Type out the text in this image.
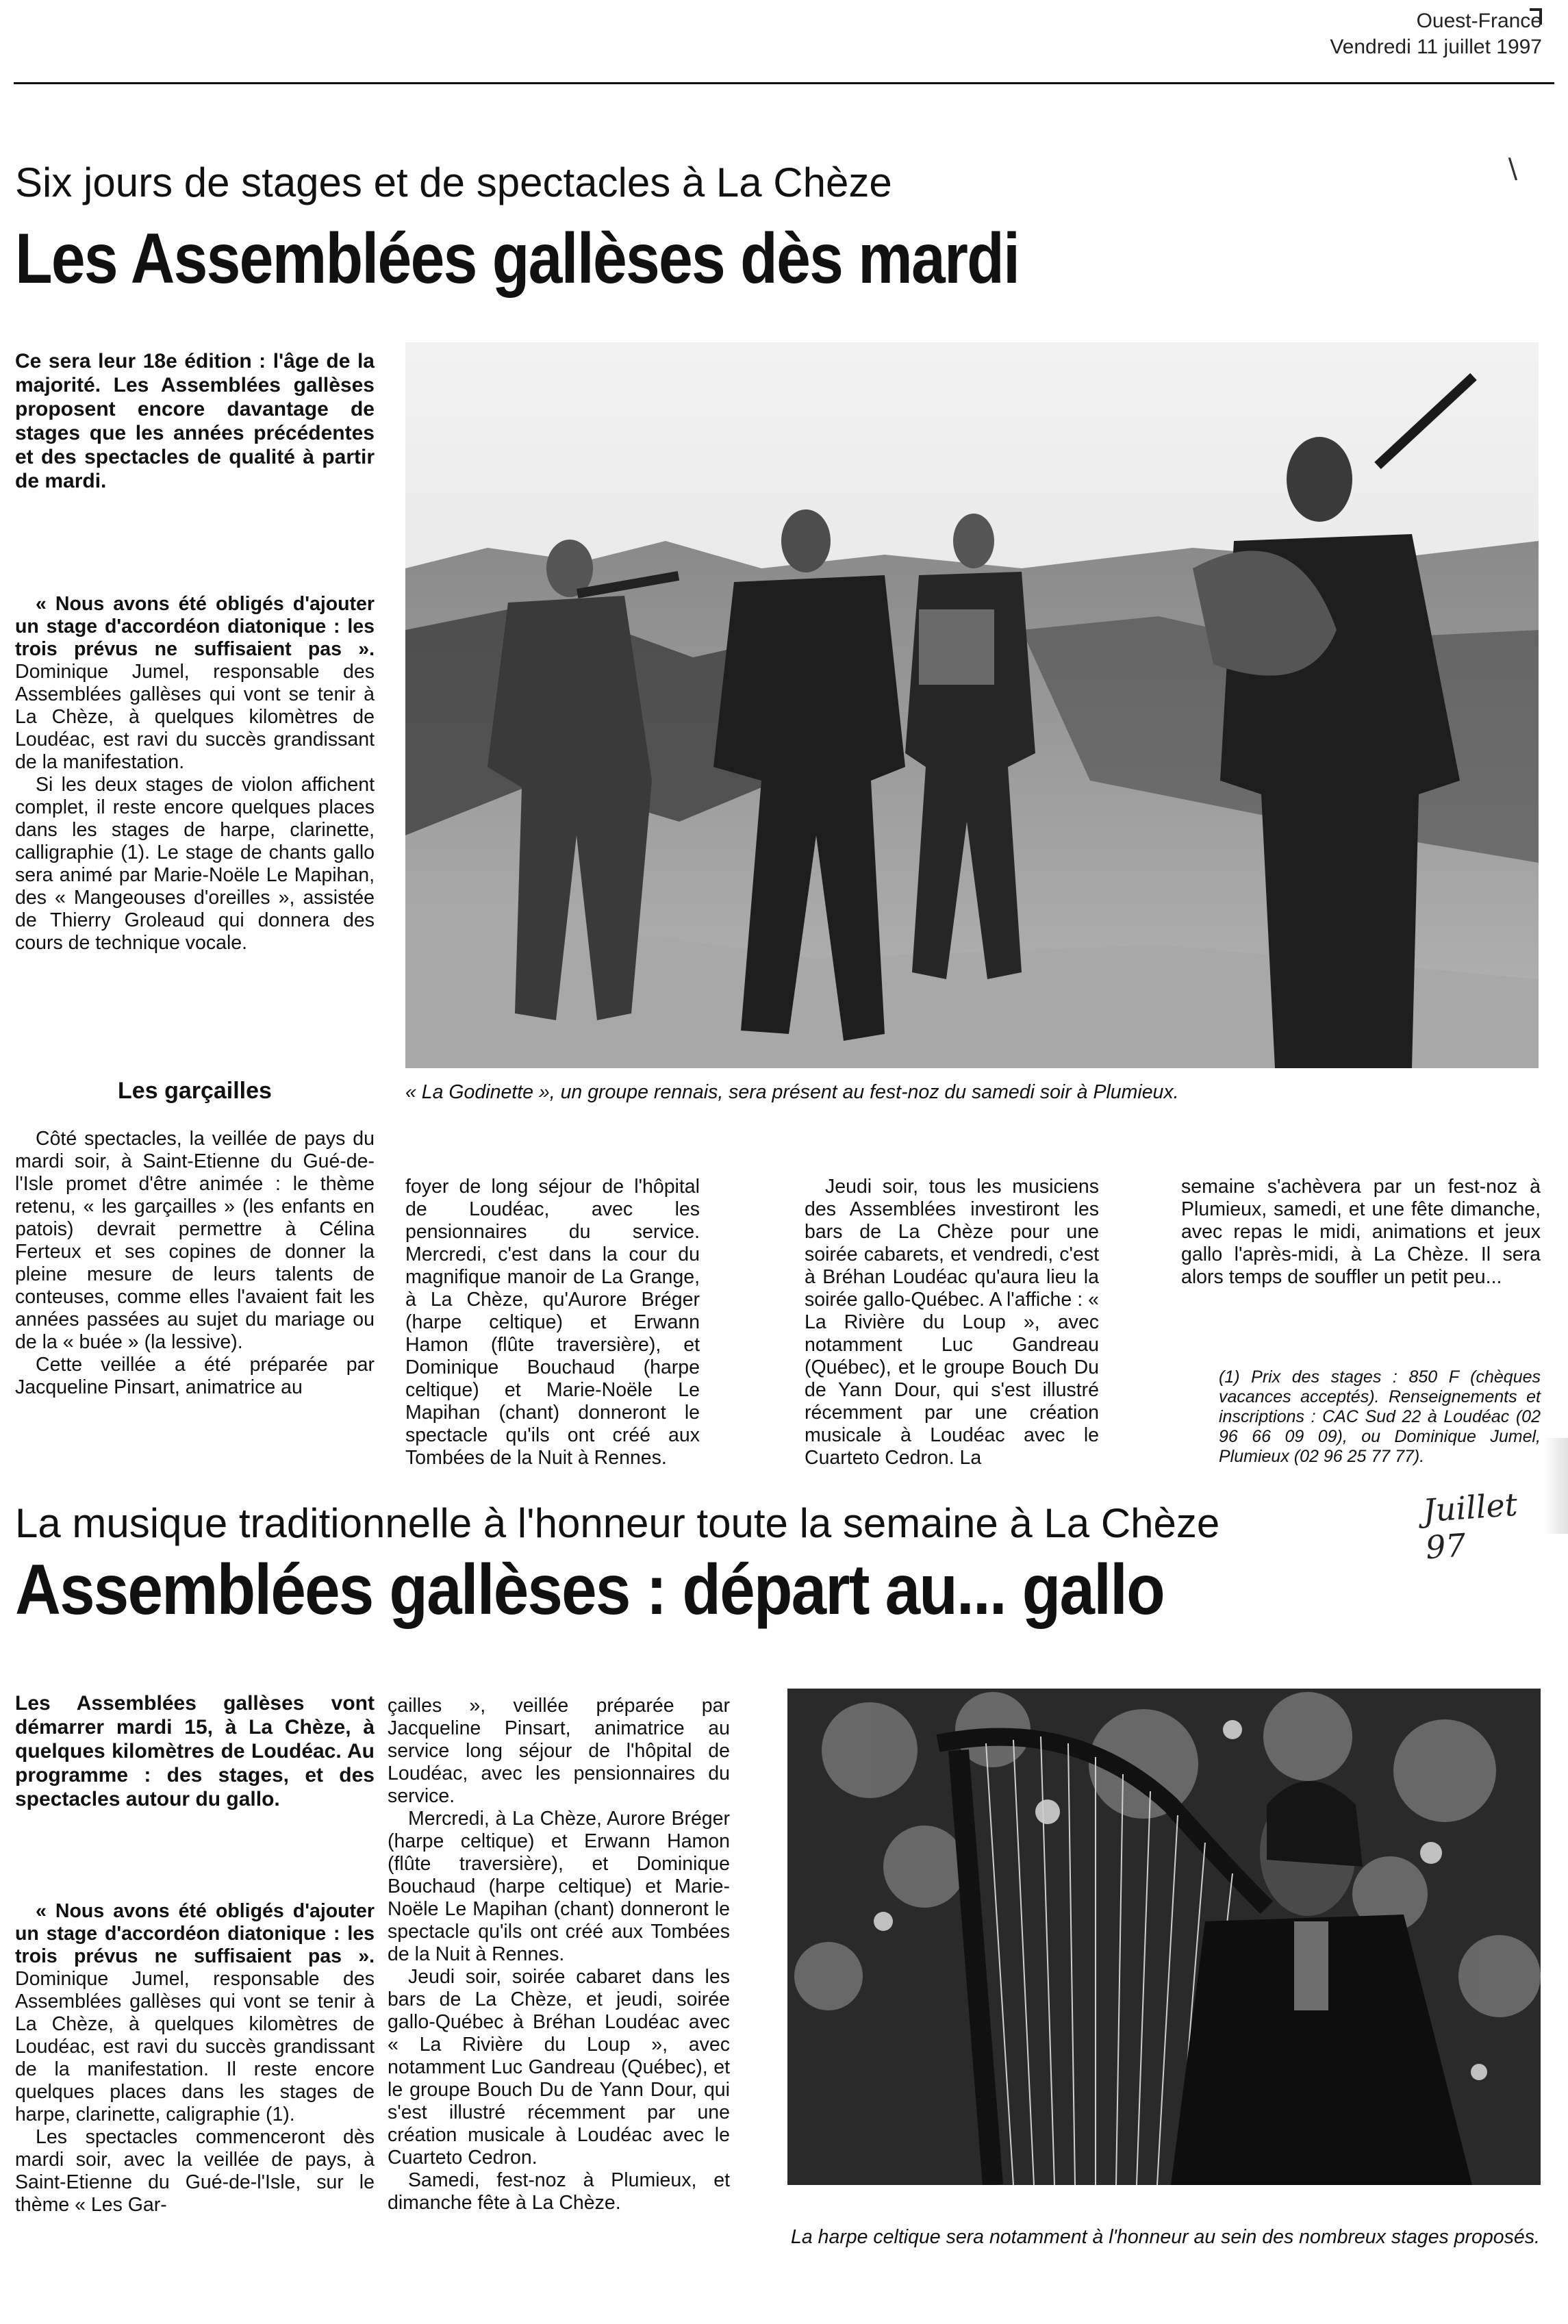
Ouest-France
Vendredi 11 juillet 1997
Six jours de stages et de spectacles à La Chèze	∖
Les Assemblées gallèses dès mardi
Ce sera leur 18e édition : l'âge de la majorité. Les Assemblées gallèses proposent encore davantage de stages que les années précédentes et des spectacles de qualité à partir de mardi.

« Nous avons été obligés d'ajouter un stage d'accordéon diatonique : les trois prévus ne suffisaient pas ». Dominique Jumel, responsable des Assemblées gallèses qui vont se tenir à La Chèze, à quelques kilomètres de Loudéac, est ravi du succès grandissant de la manifestation.

Si les deux stages de violon affichent complet, il reste encore quelques places dans les stages de harpe, clarinette, calligraphie (1). Le stage de chants gallo sera animé par Marie-Noële Le Mapihan, des « Mangeouses d'oreilles », assistée de Thierry Groleaud qui donnera des cours de technique vocale.

Les garçailles

Côté spectacles, la veillée de pays du mardi soir, à Saint-Etienne du Gué-de-l'Isle promet d'être animée : le thème retenu, « les garçailles » (les enfants en patois) devrait permettre à Célina Ferteux et ses copines de donner la pleine mesure de leurs talents de conteuses, comme elles l'avaient fait les années passées au sujet du mariage ou de la « buée » (la lessive).

Cette veillée a été préparée par Jacqueline Pinsart, animatrice au

« La Godinette », un groupe rennais, sera présent au fest-noz du samedi soir à Plumieux.

foyer de long séjour de l'hôpital de Loudéac, avec les pensionnaires du service. Mercredi, c'est dans la cour du magnifique manoir de La Grange, à La Chèze, qu'Aurore Bréger (harpe celtique) et Erwann Hamon (flûte traversière), et Dominique Bouchaud (harpe celtique) et Marie-Noële Le Mapihan (chant) donneront le spectacle qu'ils ont créé aux Tombées de la Nuit à Rennes.

Jeudi soir, tous les musiciens des Assemblées investiront les bars de La Chèze pour une soirée cabarets, et vendredi, c'est à Bréhan Loudéac qu'aura lieu la soirée gallo-Québec. A l'affiche : « La Rivière du Loup », avec notamment Luc Gandreau (Québec), et le groupe Bouch Du de Yann Dour, qui s'est illustré récemment par une création musicale à Loudéac avec le Cuarteto Cedron. La

semaine s'achèvera par un fest-noz à Plumieux, samedi, et une fête dimanche, avec repas le midi, animations et jeux gallo l'après-midi, à La Chèze. Il sera alors temps de souffler un petit peu...

(1) Prix des stages : 850 F (chèques vacances acceptés). Renseignements et inscriptions : CAC Sud 22 à Loudéac (02 96 66 09 09), ou Dominique Jumel, Plumieux (02 96 25 77 77).
La musique traditionnelle à l'honneur toute la semaine à La Chèze	Juillet 97
Assemblées gallèses : départ au... gallo
Les Assemblées gallèses vont démarrer mardi 15, à La Chèze, à quelques kilomètres de Loudéac. Au programme : des stages, et des spectacles autour du gallo.

« Nous avons été obligés d'ajouter un stage d'accordéon diatonique : les trois prévus ne suffisaient pas ». Dominique Jumel, responsable des Assemblées gallèses qui vont se tenir à La Chèze, à quelques kilomètres de Loudéac, est ravi du succès grandissant de la manifestation. Il reste encore quelques places dans les stages de harpe, clarinette, caligraphie (1).

Les spectacles commenceront dès mardi soir, avec la veillée de pays, à Saint-Etienne du Gué-de-l'Isle, sur le thème « Les Gar-

çailles », veillée préparée par Jacqueline Pinsart, animatrice au service long séjour de l'hôpital de Loudéac, avec les pensionnaires du service.

Mercredi, à La Chèze, Aurore Bréger (harpe celtique) et Erwann Hamon (flûte traversière), et Dominique Bouchaud (harpe celtique) et Marie-Noële Le Mapihan (chant) donneront le spectacle qu'ils ont créé aux Tombées de la Nuit à Rennes.

Jeudi soir, soirée cabaret dans les bars de La Chèze, et jeudi, soirée gallo-Québec à Bréhan Loudéac avec « La Rivière du Loup », avec notamment Luc Gandreau (Québec), et le groupe Bouch Du de Yann Dour, qui s'est illustré récemment par une création musicale à Loudéac avec le Cuarteto Cedron.

Samedi, fest-noz à Plumieux, et dimanche fête à La Chèze.

La harpe celtique sera notamment à l'honneur au sein des nombreux stages proposés.
